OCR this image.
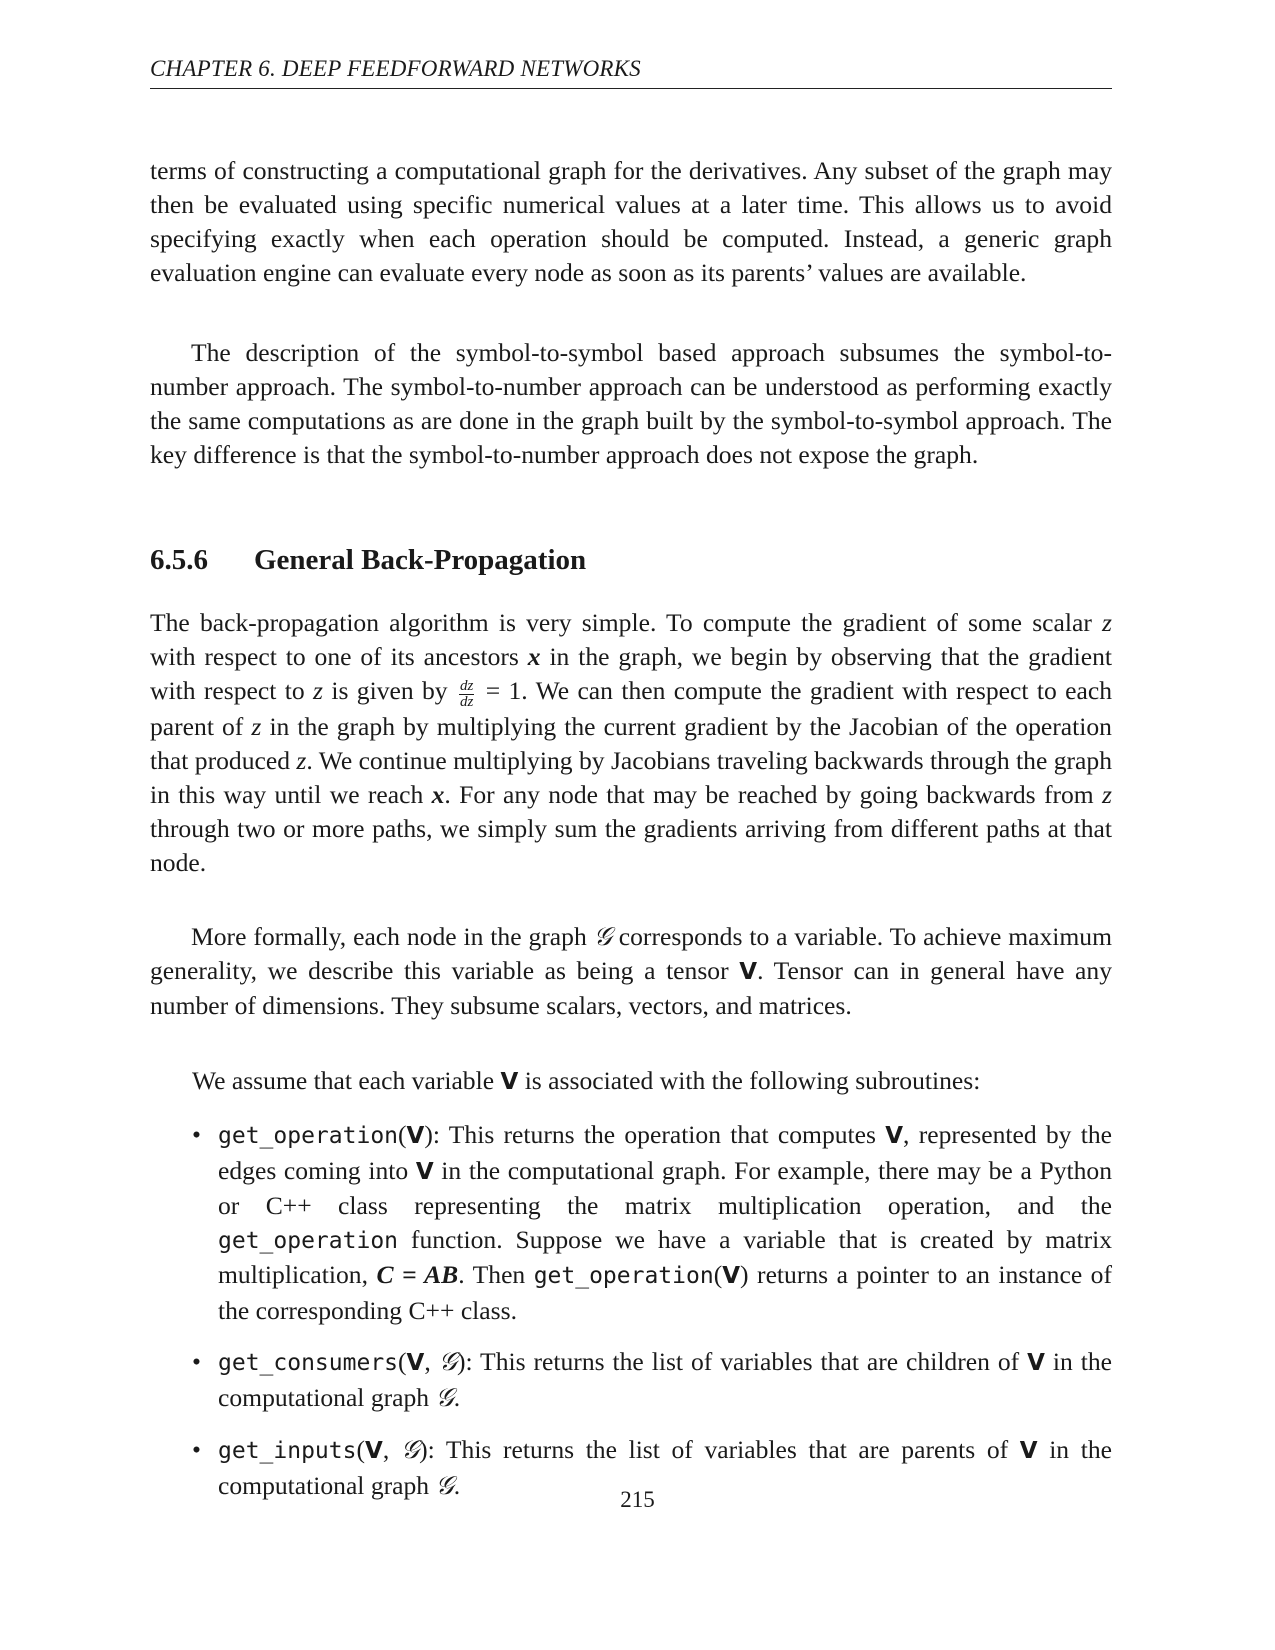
CHAPTER 6. DEEP FEEDFORWARD NETWORKS

terms of constructing a computational graph for the derivatives. Any subset of the graph may then be evaluated using specific numerical values at a later time. This allows us to avoid specifying exactly when each operation should be computed. Instead, a generic graph evaluation engine can evaluate every node as soon as its parents’ values are available.

The description of the symbol-to-symbol based approach subsumes the symbol-to-number approach. The symbol-to-number approach can be understood as performing exactly the same computations as are done in the graph built by the symbol-to-symbol approach. The key difference is that the symbol-to-number approach does not expose the graph.

6.5.6 General Back-Propagation

The back-propagation algorithm is very simple. To compute the gradient of some scalar z with respect to one of its ancestors x in the graph, we begin by observing that the gradient with respect to z is given by $\frac{dz}{dz} = 1$. We can then compute the gradient with respect to each parent of z in the graph by multiplying the current gradient by the Jacobian of the operation that produced z. We continue multiplying by Jacobians traveling backwards through the graph in this way until we reach x. For any node that may be reached by going backwards from z through two or more paths, we simply sum the gradients arriving from different paths at that node.

More formally, each node in the graph 𝒢 corresponds to a variable. To achieve maximum generality, we describe this variable as being a tensor V. Tensor can in general have any number of dimensions. They subsume scalars, vectors, and matrices.

We assume that each variable V is associated with the following subroutines:

• get_operation(V): This returns the operation that computes V, represented by the edges coming into V in the computational graph. For example, there may be a Python or C++ class representing the matrix multiplication operation, and the get_operation function. Suppose we have a variable that is created by matrix multiplication, C = AB. Then get_operation(V) returns a pointer to an instance of the corresponding C++ class.
• get_consumers(V, 𝒢): This returns the list of variables that are children of V in the computational graph 𝒢.
• get_inputs(V, 𝒢): This returns the list of variables that are parents of V in the computational graph 𝒢.	215
